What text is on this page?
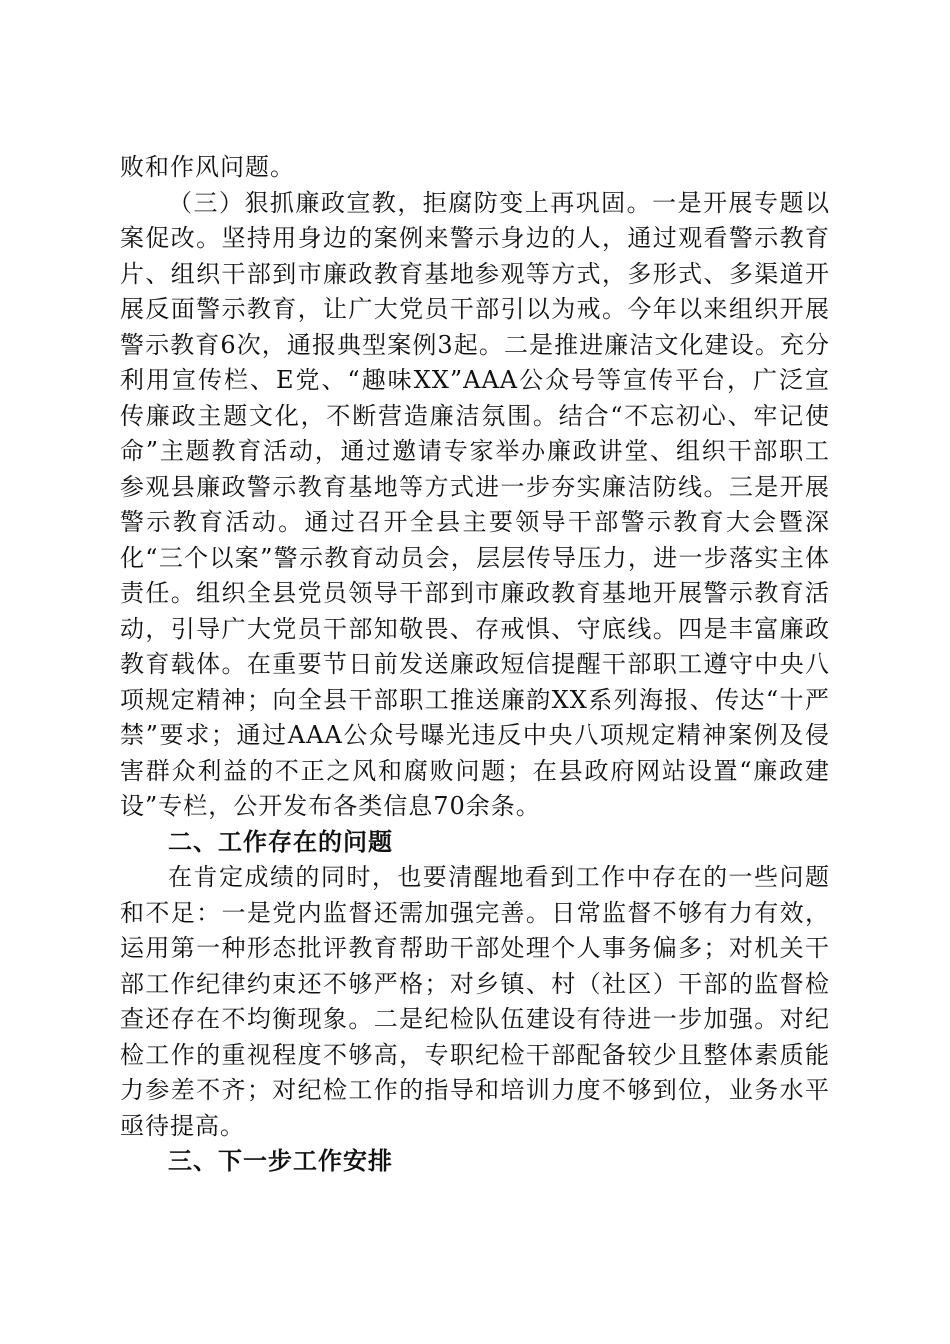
败和作风问题。

（三）狠抓廉政宣教，拒腐防变上再巩固。一是开展专题以案促改。坚持用身边的案例来警示身边的人，通过观看警示教育片、组织干部到市廉政教育基地参观等方式，多形式、多渠道开展反面警示教育，让广大党员干部引以为戒。今年以来组织开展警示教育6次，通报典型案例3起。二是推进廉洁文化建设。充分利用宣传栏、E党、“趣味XX”AAA公众号等宣传平台，广泛宣传廉政主题文化，不断营造廉洁氛围。结合“不忘初心、牢记使命”主题教育活动，通过邀请专家举办廉政讲堂、组织干部职工参观县廉政警示教育基地等方式进一步夯实廉洁防线。三是开展警示教育活动。通过召开全县主要领导干部警示教育大会暨深化“三个以案”警示教育动员会，层层传导压力，进一步落实主体责任。组织全县党员领导干部到市廉政教育基地开展警示教育活动，引导广大党员干部知敬畏、存戒惧、守底线。四是丰富廉政教育载体。在重要节日前发送廉政短信提醒干部职工遵守中央八项规定精神；向全县干部职工推送廉韵XX系列海报、传达“十严禁”要求；通过AAA公众号曝光违反中央八项规定精神案例及侵害群众利益的不正之风和腐败问题；在县政府网站设置“廉政建设”专栏，公开发布各类信息70余条。

二、工作存在的问题

在肯定成绩的同时，也要清醒地看到工作中存在的一些问题和不足：一是党内监督还需加强完善。日常监督不够有力有效，运用第一种形态批评教育帮助干部处理个人事务偏多；对机关干部工作纪律约束还不够严格；对乡镇、村（社区）干部的监督检查还存在不均衡现象。二是纪检队伍建设有待进一步加强。对纪检工作的重视程度不够高，专职纪检干部配备较少且整体素质能力参差不齐；对纪检工作的指导和培训力度不够到位，业务水平亟待提高。

三、下一步工作安排
